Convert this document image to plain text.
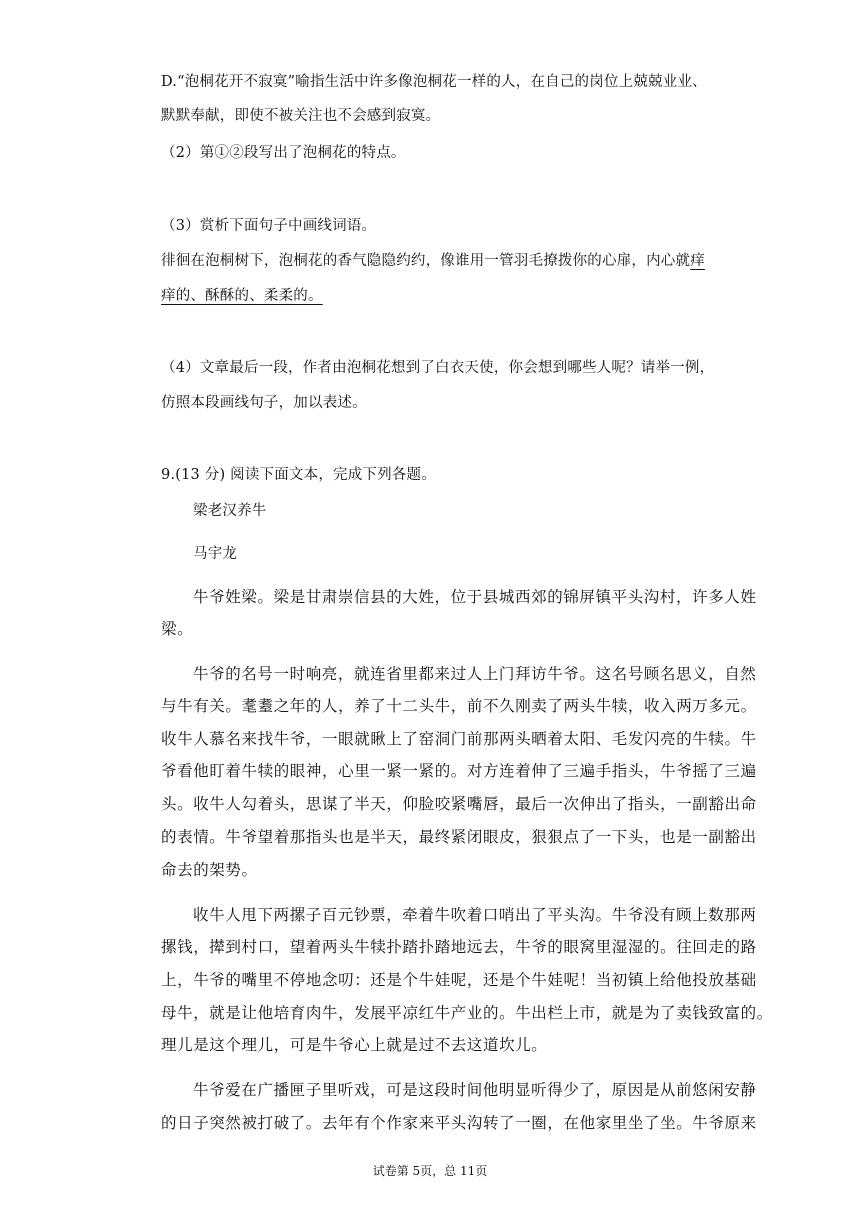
D.“泡桐花开不寂寞”喻指生活中许多像泡桐花一样的人，在自己的岗位上兢兢业业、
默默奉献，即使不被关注也不会感到寂寞。
（2）第①②段写出了泡桐花的特点。
（3）赏析下面句子中画线词语。
徘徊在泡桐树下，泡桐花的香气隐隐约约，像谁用一管羽毛撩拨你的心扉，内心就痒
痒的、酥酥的、柔柔的。
（4）文章最后一段，作者由泡桐花想到了白衣天使，你会想到哪些人呢？请举一例，
仿照本段画线句子，加以表述。
9.(13 分) 阅读下面文本，完成下列各题。
梁老汉养牛
马宇龙
牛爷姓梁。梁是甘肃崇信县的大姓，位于县城西郊的锦屏镇平头沟村，许多人姓
梁。
牛爷的名号一时响亮，就连省里都来过人上门拜访牛爷。这名号顾名思义，自然
与牛有关。耄耋之年的人，养了十二头牛，前不久刚卖了两头牛犊，收入两万多元。
收牛人慕名来找牛爷，一眼就瞅上了窑洞门前那两头晒着太阳、毛发闪亮的牛犊。牛
爷看他盯着牛犊的眼神，心里一紧一紧的。对方连着伸了三遍手指头，牛爷摇了三遍
头。收牛人勾着头，思谋了半天，仰脸咬紧嘴唇，最后一次伸出了指头，一副豁出命
的表情。牛爷望着那指头也是半天，最终紧闭眼皮，狠狠点了一下头，也是一副豁出
命去的架势。
收牛人甩下两摞子百元钞票，牵着牛吹着口哨出了平头沟。牛爷没有顾上数那两
摞钱，撵到村口，望着两头牛犊扑踏扑踏地远去，牛爷的眼窝里湿湿的。往回走的路
上，牛爷的嘴里不停地念叨：还是个牛娃呢，还是个牛娃呢！当初镇上给他投放基础
母牛，就是让他培育肉牛，发展平凉红牛产业的。牛出栏上市，就是为了卖钱致富的。
理儿是这个理儿，可是牛爷心上就是过不去这道坎儿。
牛爷爱在广播匣子里听戏，可是这段时间他明显听得少了，原因是从前悠闲安静
的日子突然被打破了。去年有个作家来平头沟转了一圈，在他家里坐了坐。牛爷原来
试卷第 5页，总 11页
